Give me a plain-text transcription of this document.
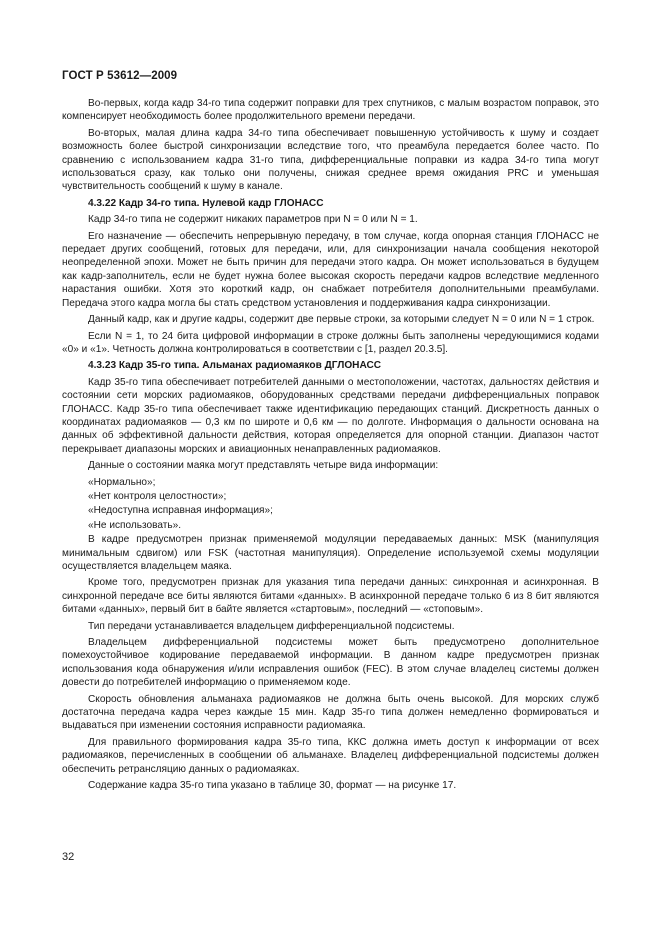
ГОСТ Р 53612—2009

Во-первых, когда кадр 34-го типа содержит поправки для трех спутников, с малым возрастом поправок, это компенсирует необходимость более продолжительного времени передачи.

Во-вторых, малая длина кадра 34-го типа обеспечивает повышенную устойчивость к шуму и создает возможность более быстрой синхронизации вследствие того, что преамбула передается более часто. По сравнению с использованием кадра 31-го типа, дифференциальные поправки из кадра 34-го типа могут использоваться сразу, как только они получены, снижая среднее время ожидания PRC и уменьшая чувствительность сообщений к шуму в канале.

4.3.22 Кадр 34-го типа. Нулевой кадр ГЛОНАСС

Кадр 34-го типа не содержит никаких параметров при N = 0 или N = 1.

Его назначение — обеспечить непрерывную передачу, в том случае, когда опорная станция ГЛОНАСС не передает других сообщений, готовых для передачи, или, для синхронизации начала сообщения некоторой неопределенной эпохи. Может не быть причин для передачи этого кадра. Он может использоваться в будущем как кадр-заполнитель, если не будет нужна более высокая скорость передачи кадров вследствие медленного нарастания ошибки. Хотя это короткий кадр, он снабжает потребителя дополнительными преамбулами. Передача этого кадра могла бы стать средством установления и поддерживания кадра синхронизации.

Данный кадр, как и другие кадры, содержит две первые строки, за которыми следует N = 0 или N = 1 строк.

Если N = 1, то 24 бита цифровой информации в строке должны быть заполнены чередующимися кодами «0» и «1». Четность должна контролироваться в соответствии с [1, раздел 20.3.5].

4.3.23 Кадр 35-го типа. Альманах радиомаяков ДГЛОНАСС

Кадр 35-го типа обеспечивает потребителей данными о местоположении, частотах, дальностях действия и состоянии сети морских радиомаяков, оборудованных средствами передачи дифференциальных поправок ГЛОНАСС. Кадр 35-го типа обеспечивает также идентификацию передающих станций. Дискретность данных о координатах радиомаяков — 0,3 км по широте и 0,6 км — по долготе. Информация о дальности основана на данных об эффективной дальности действия, которая определяется для опорной станции. Диапазон частот перекрывает диапазоны морских и авиационных ненаправленных радиомаяков.

Данные о состоянии маяка могут представлять четыре вида информации:

«Нормально»;

«Нет контроля целостности»;

«Недоступна исправная информация»;

«Не использовать».

В кадре предусмотрен признак применяемой модуляции передаваемых данных: MSK (манипуляция минимальным сдвигом) или FSK (частотная манипуляция). Определение используемой схемы модуляции осуществляется владельцем маяка.

Кроме того, предусмотрен признак для указания типа передачи данных: синхронная и асинхронная. В синхронной передаче все биты являются битами «данных». В асинхронной передаче только 6 из 8 бит являются битами «данных», первый бит в байте является «стартовым», последний — «стоповым».

Тип передачи устанавливается владельцем дифференциальной подсистемы.

Владельцем дифференциальной подсистемы может быть предусмотрено дополнительное помехоустойчивое кодирование передаваемой информации. В данном кадре предусмотрен признак использования кода обнаружения и/или исправления ошибок (FEC). В этом случае владелец системы должен довести до потребителей информацию о применяемом коде.

Скорость обновления альманаха радиомаяков не должна быть очень высокой. Для морских служб достаточна передача кадра через каждые 15 мин. Кадр 35-го типа должен немедленно формироваться и выдаваться при изменении состояния исправности радиомаяка.

Для правильного формирования кадра 35-го типа, ККС должна иметь доступ к информации от всех радиомаяков, перечисленных в сообщении об альманахе. Владелец дифференциальной подсистемы должен обеспечить ретрансляцию данных о радиомаяках.

Содержание кадра 35-го типа указано в таблице 30, формат — на рисунке 17.

32
